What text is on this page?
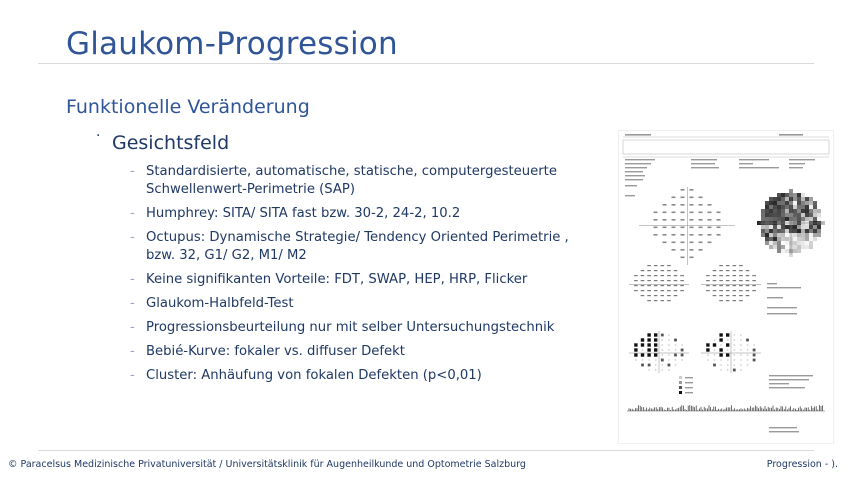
Glaukom-Progression
Funktionelle Veränderung
· Gesichtsfeld
- Standardisierte, automatische, statische, computergesteuerte Schwellenwert-Perimetrie (SAP)
- Humphrey: SITA/ SITA fast bzw. 30-2, 24-2, 10.2
- Octupus: Dynamische Strategie/ Tendency Oriented Perimetrie , bzw. 32, G1/ G2, M1/ M2
- Keine signifikanten Vorteile: FDT, SWAP, HEP, HRP, Flicker
- Glaukom-Halbfeld-Test
- Progressionsbeurteilung nur mit selber Untersuchungstechnik
- Bebié-Kurve: fokaler vs. diffuser Defekt
- Cluster: Anhäufung von fokalen Defekten (p<0,01)
© Paracelsus Medizinische Privatuniversität / Universitätsklinik für Augenheilkunde und Optometrie Salzburg	Progression - ).
